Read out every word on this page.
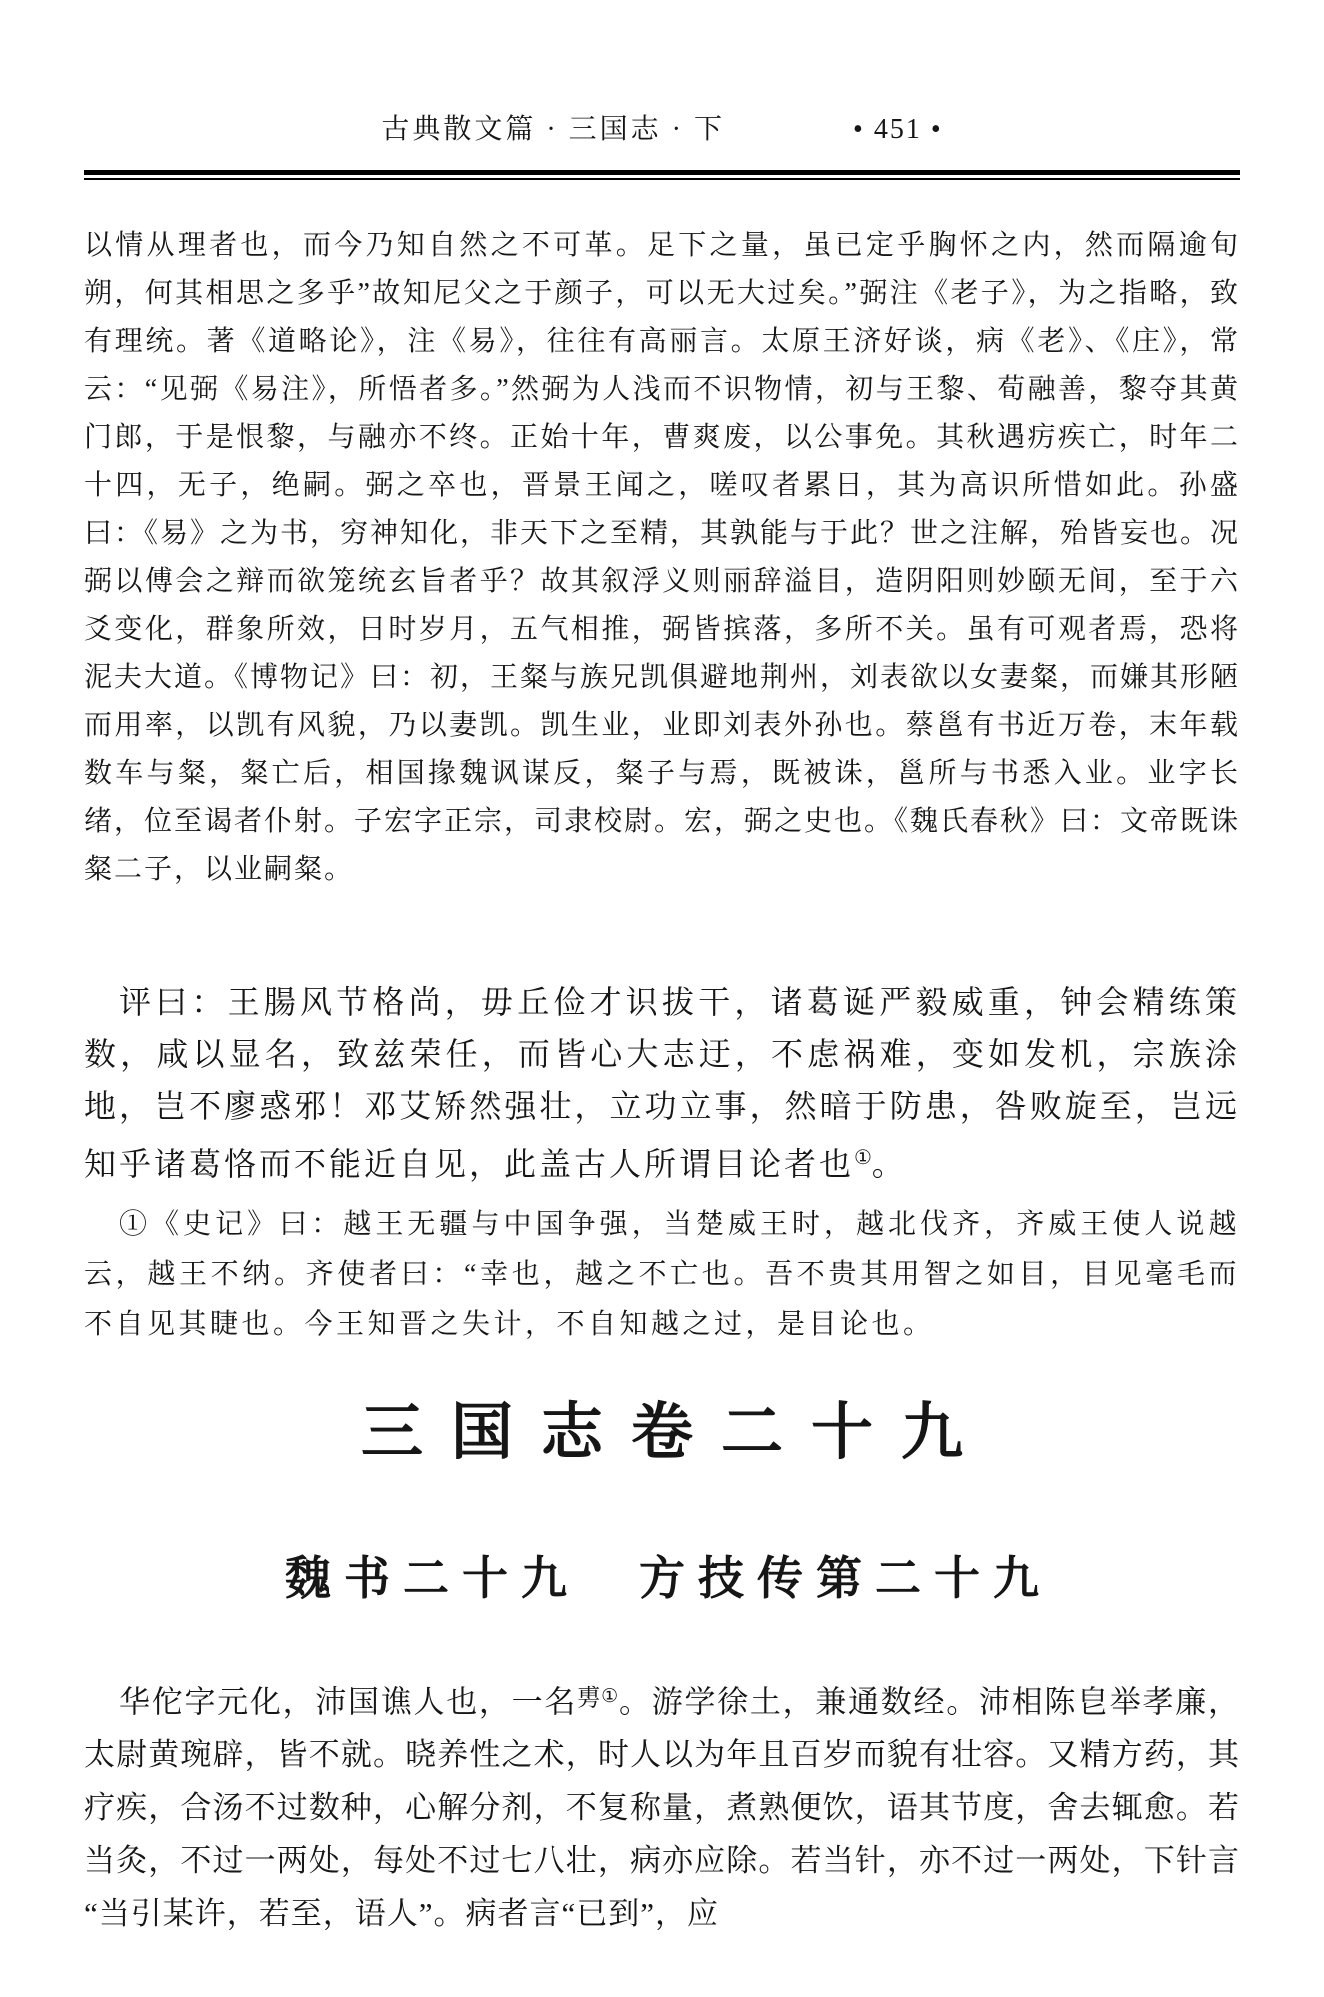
古典散文篇 · 三国志 · 下	• 451 •

以情从理者也，而今乃知自然之不可革。足下之量，虽已定乎胸怀之内，然而隔逾旬朔，何其相思之多乎”故知尼父之于颜子，可以无大过矣。”弼注《老子》，为之指略，致有理统。著《道略论》，注《易》，往往有高丽言。太原王济好谈，病《老》、《庄》，常云：“见弼《易注》，所悟者多。”然弼为人浅而不识物情，初与王黎、荀融善，黎夺其黄门郎，于是恨黎，与融亦不终。正始十年，曹爽废，以公事免。其秋遇疠疾亡，时年二十四，无子，绝嗣。弼之卒也，晋景王闻之，嗟叹者累日，其为高识所惜如此。孙盛曰：《易》之为书，穷神知化，非天下之至精，其孰能与于此？世之注解，殆皆妄也。况弼以傅会之辩而欲笼统玄旨者乎？故其叙浮义则丽辞溢目，造阴阳则妙颐无间，至于六爻变化，群象所效，日时岁月，五气相推，弼皆摈落，多所不关。虽有可观者焉，恐将泥夫大道。《博物记》曰：初，王粲与族兄凯俱避地荆州，刘表欲以女妻粲，而嫌其形陋而用率，以凯有风貌，乃以妻凯。凯生业，业即刘表外孙也。蔡邕有书近万卷，末年载数车与粲，粲亡后，相国掾魏讽谋反，粲子与焉，既被诛，邕所与书悉入业。业字长绪，位至谒者仆射。子宏字正宗，司隶校尉。宏，弼之史也。《魏氏春秋》曰：文帝既诛粲二子，以业嗣粲。

评曰：王腸风节格尚，毋丘俭才识拔干，诸葛诞严毅威重，钟会精练策数，咸以显名，致兹荣任，而皆心大志迂，不虑祸难，变如发机，宗族涂地，岂不廖惑邪！邓艾矫然强壮，立功立事，然暗于防患，咎败旋至，岂远知乎诸葛恪而不能近自见，此盖古人所谓目论者也①。

①《史记》曰：越王无疆与中国争强，当楚威王时，越北伐齐，齐威王使人说越云，越王不纳。齐使者曰：“幸也，越之不亡也。吾不贵其用智之如目，目见毫毛而不自见其睫也。今王知晋之失计，不自知越之过，是目论也。

三国志卷二十九
魏书二十九　方技传第二十九

华佗字元化，沛国谯人也，一名$^{旉①}$。游学徐土，兼通数经。沛相陈皀举孝廉，太尉黄琬辟，皆不就。晓养性之术，时人以为年且百岁而貌有壮容。又精方药，其疗疾，合汤不过数种，心解分剂，不复称量，煮熟便饮，语其节度，舍去辄愈。若当灸，不过一两处，每处不过七八壮，病亦应除。若当针，亦不过一两处，下针言“当引某许，若至，语人”。病者言“已到”，应
